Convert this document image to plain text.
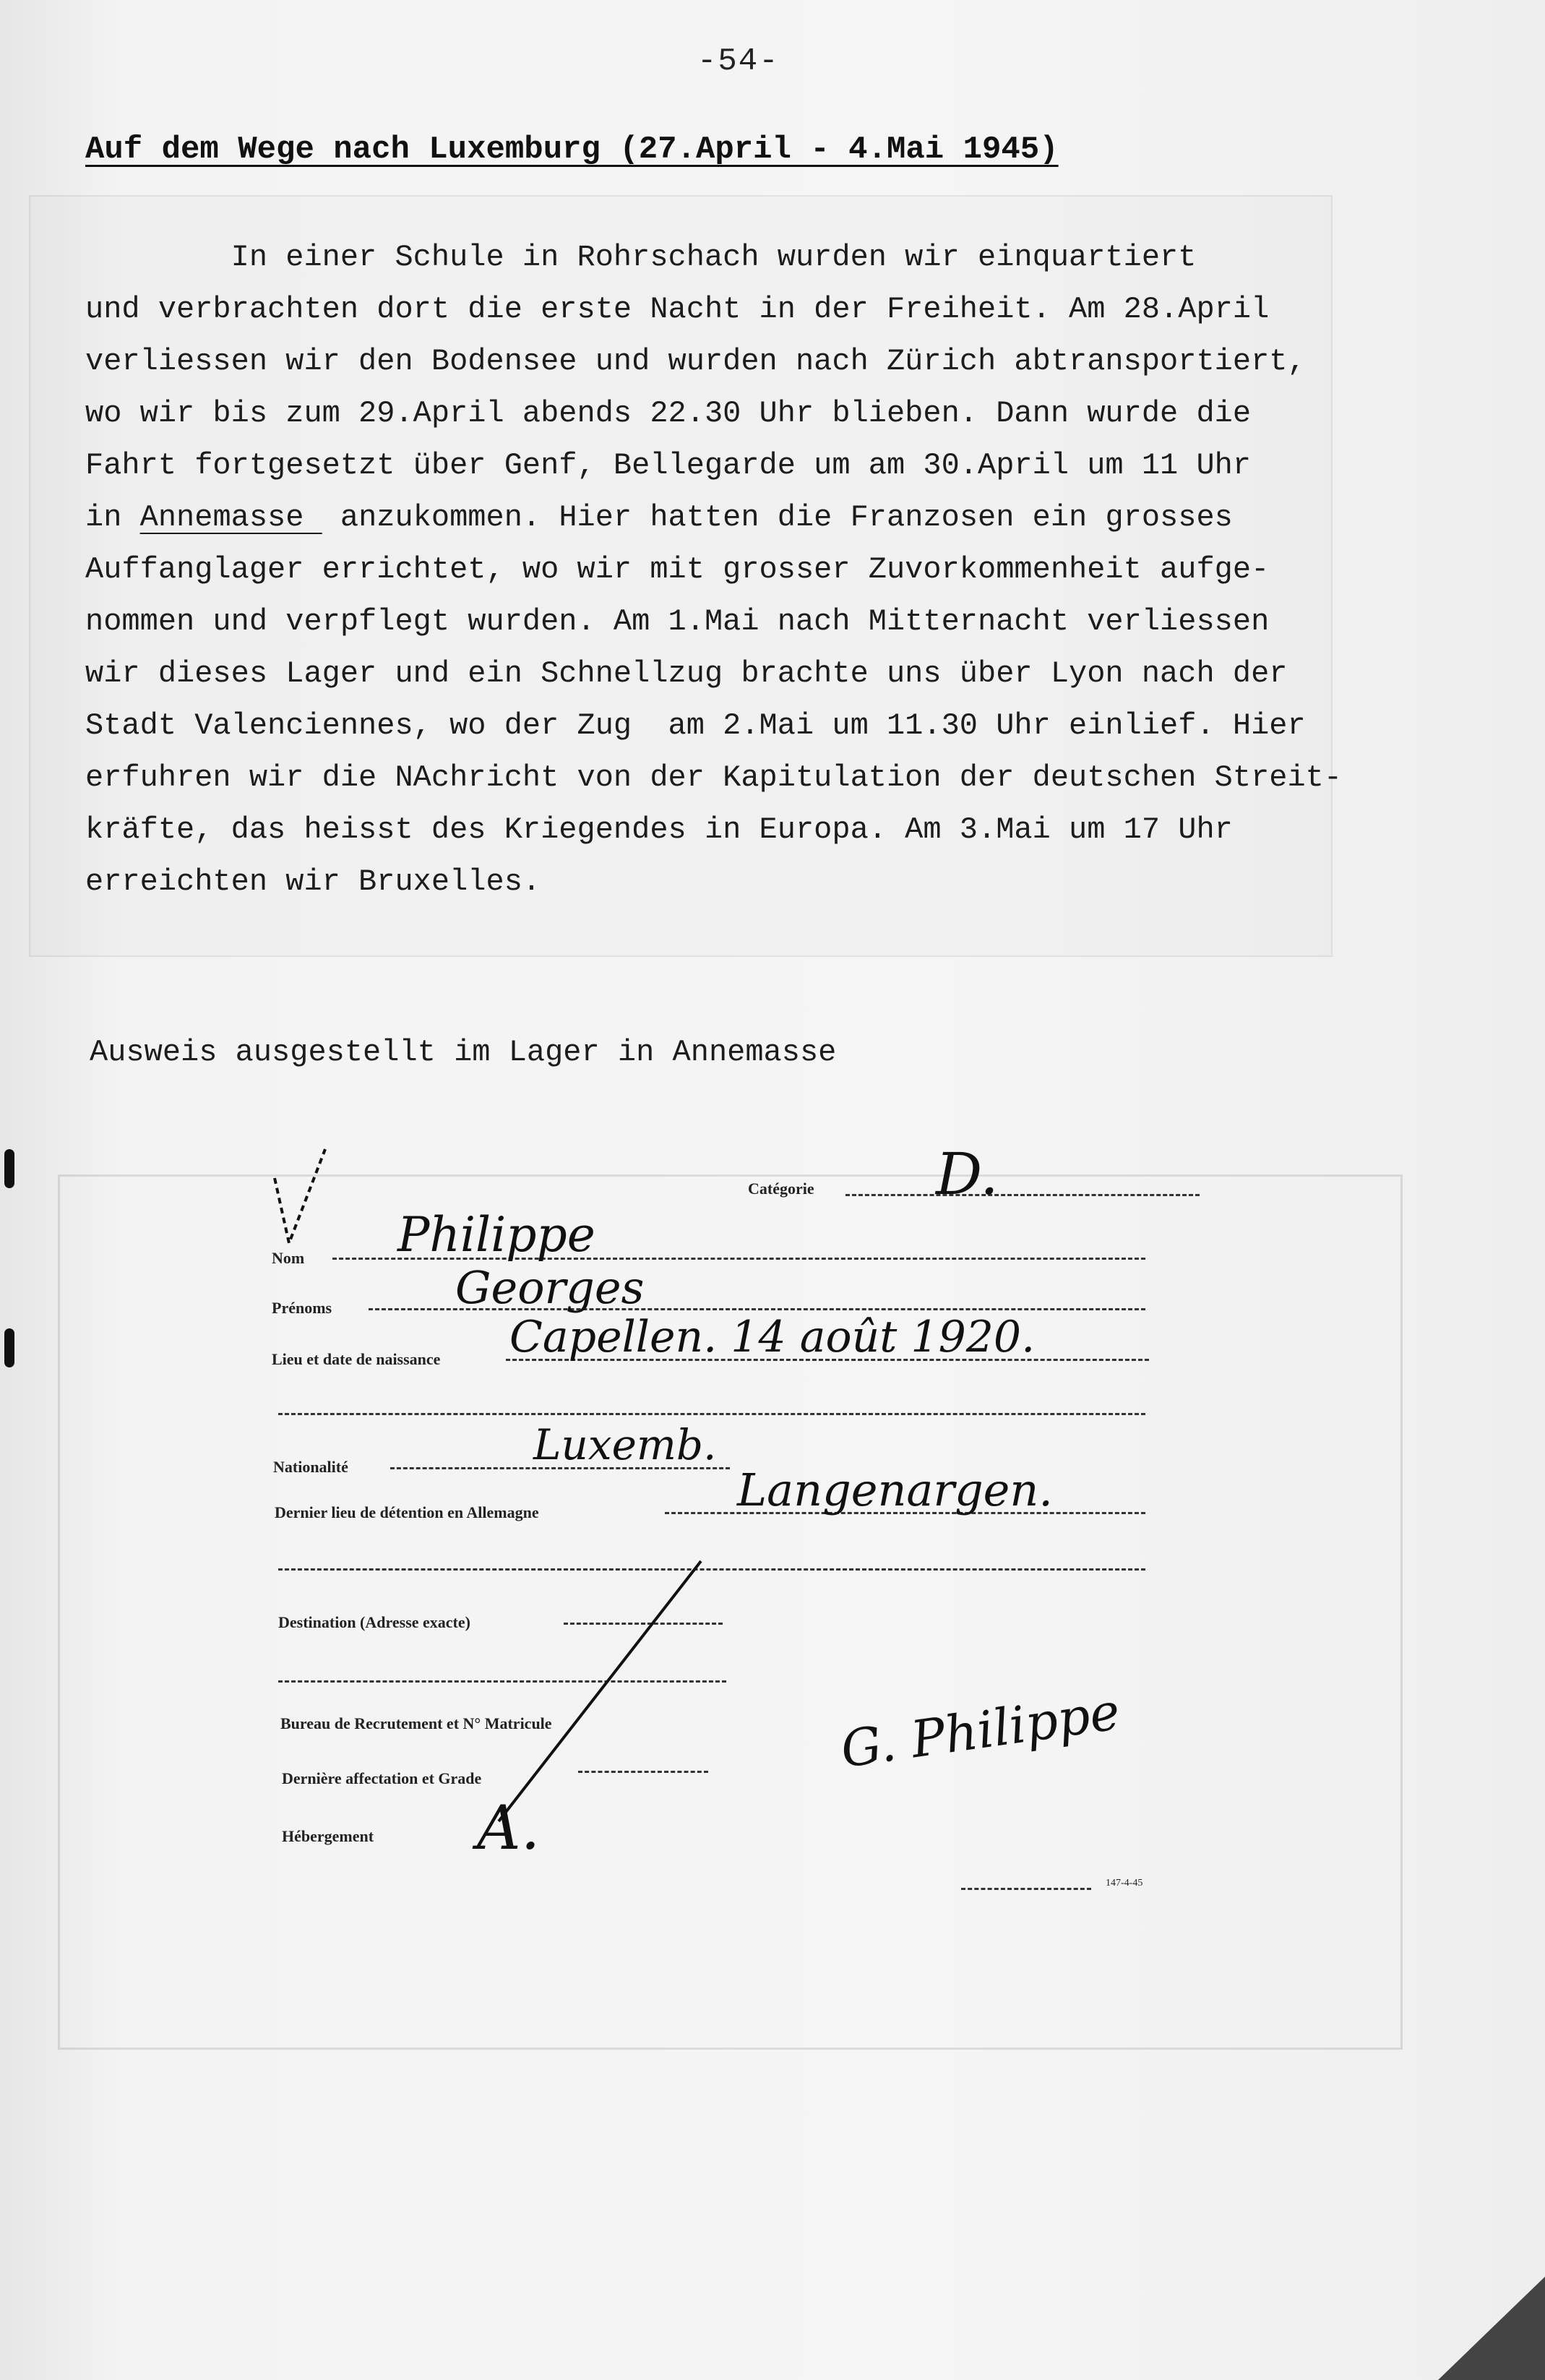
-54-
Auf dem Wege nach Luxemburg (27.April - 4.Mai 1945)
In einer Schule in Rohrschach wurden wir einquartiert
und verbrachten dort die erste Nacht in der Freiheit. Am 28.April
verliessen wir den Bodensee und wurden nach Zürich abtransportiert,
wo wir bis zum 29.April abends 22.30 Uhr blieben. Dann wurde die
Fahrt fortgesetzt über Genf, Bellegarde um am 30.April um 11 Uhr
in Annemasse  anzukommen. Hier hatten die Franzosen ein grosses
Auffanglager errichtet, wo wir mit grosser Zuvorkommenheit aufge-
nommen und verpflegt wurden. Am 1.Mai nach Mitternacht verliessen
wir dieses Lager und ein Schnellzug brachte uns über Lyon nach der
Stadt Valenciennes, wo der Zug  am 2.Mai um 11.30 Uhr einlief. Hier
erfuhren wir die NAchricht von der Kapitulation der deutschen Streit-
kräfte, das heisst des Kriegendes in Europa. Am 3.Mai um 17 Uhr
erreichten wir Bruxelles.
Ausweis ausgestellt im Lager in Annemasse
Catégorie D.
Nom Philippe
Prénoms	Georges
Lieu et date de naissance Capellen. 14 août 1920.
Nationalité	Luxemb.
Dernier lieu de détention en Allemagne	Langenargen.
Destination (Adresse exacte)
Bureau de Recrutement et N° Matricule
Dernière affectation et Grade
Hébergement A.
G. Philippe
147-4-45
